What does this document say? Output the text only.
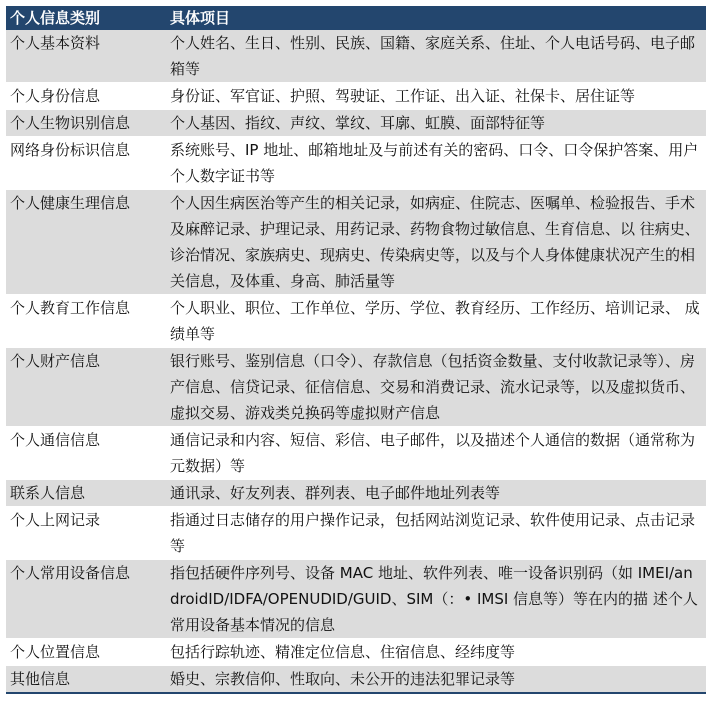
个人信息类别	具体项目
个人基本资料	个人姓名、生日、性别、民族、国籍、家庭关系、住址、个人电话号码、电子邮箱等
个人身份信息	身份证、军官证、护照、驾驶证、工作证、出入证、社保卡、居住证等
个人生物识别信息	个人基因、指纹、声纹、掌纹、耳廓、虹膜、面部特征等
网络身份标识信息	系统账号、IP 地址、邮箱地址及与前述有关的密码、口令、口令保护答案、用户个人数字证书等
个人健康生理信息	个人因生病医治等产生的相关记录，如病症、住院志、医嘱单、检验报告、手术及麻醉记录、护理记录、用药记录、药物食物过敏信息、生育信息、以 往病史、诊治情况、家族病史、现病史、传染病史等，以及与个人身体健康状况产生的相关信息，及体重、身高、肺活量等
个人教育工作信息	个人职业、职位、工作单位、学历、学位、教育经历、工作经历、培训记录、 成绩单等
个人财产信息	银行账号、鉴别信息（口令）、存款信息（包括资金数量、支付收款记录等）、房产信息、信贷记录、征信信息、交易和消费记录、流水记录等，以及虚拟货币、虚拟交易、游戏类兑换码等虚拟财产信息
个人通信信息	通信记录和内容、短信、彩信、电子邮件，以及描述个人通信的数据（通常称为元数据）等
联系人信息	通讯录、好友列表、群列表、电子邮件地址列表等
个人上网记录	指通过日志储存的用户操作记录，包括网站浏览记录、软件使用记录、点击记录等
个人常用设备信息	指包括硬件序列号、设备 MAC 地址、软件列表、唯一设备识别码（如 IMEI/androidID/IDFA/OPENUDID/GUID、SIM（：• IMSI 信息等）等在内的描 述个人常用设备基本情况的信息
个人位置信息	包括行踪轨迹、精准定位信息、住宿信息、经纬度等
其他信息	婚史、宗教信仰、性取向、未公开的违法犯罪记录等
